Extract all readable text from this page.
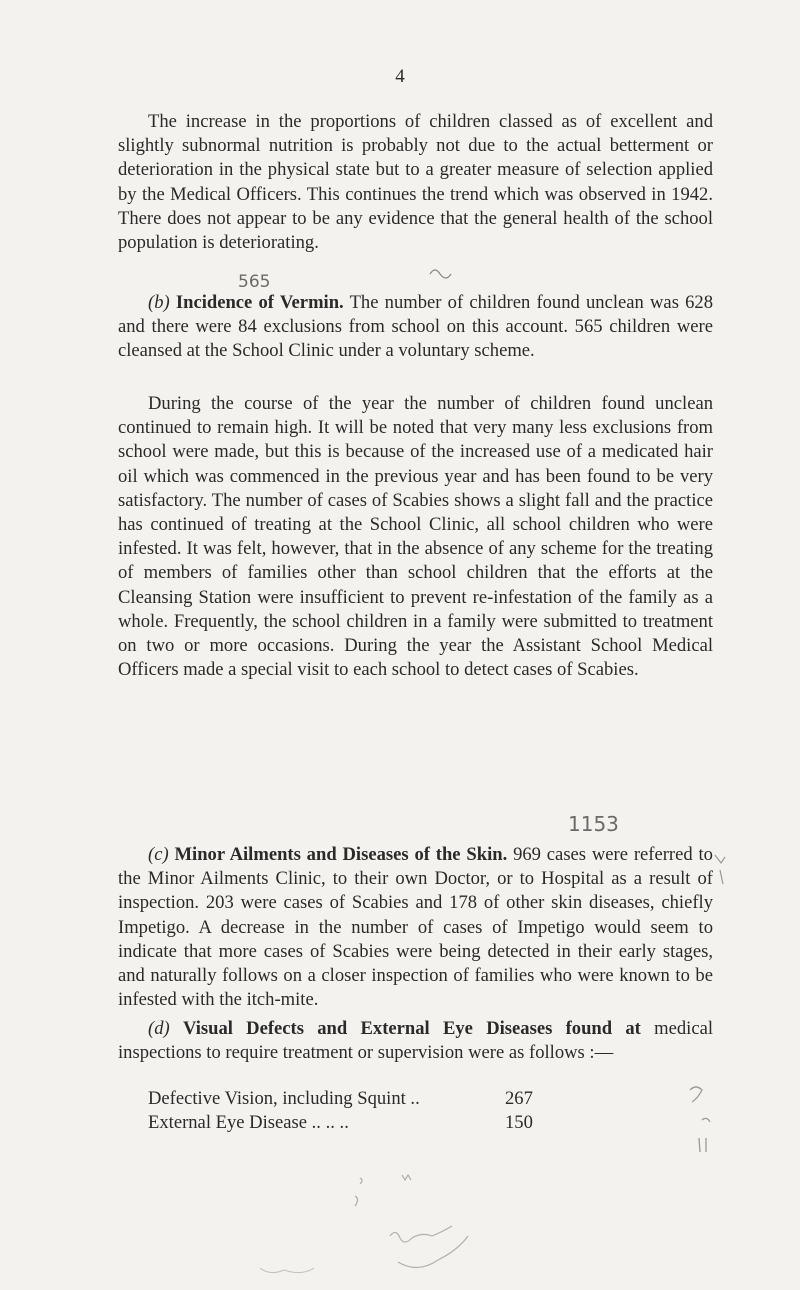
4

The increase in the proportions of children classed as of excellent and slightly subnormal nutrition is probably not due to the actual betterment or deterioration in the physical state but to a greater measure of selection applied by the Medical Officers. This continues the trend which was observed in 1942. There does not appear to be any evidence that the general health of the school population is deteriorating.

565

(b) Incidence of Vermin. The number of children found unclean was 628 and there were 84 exclusions from school on this account. 565 children were cleansed at the School Clinic under a voluntary scheme.

During the course of the year the number of children found unclean continued to remain high. It will be noted that very many less exclusions from school were made, but this is because of the increased use of a medicated hair oil which was commenced in the previous year and has been found to be very satisfactory. The number of cases of Scabies shows a slight fall and the practice has continued of treating at the School Clinic, all school children who were infested. It was felt, however, that in the absence of any scheme for the treating of members of families other than school children that the efforts at the Cleansing Station were insufficient to prevent re-infestation of the family as a whole. Frequently, the school children in a family were submitted to treatment on two or more occasions. During the year the Assistant School Medical Officers made a special visit to each school to detect cases of Scabies.

1153

(c) Minor Ailments and Diseases of the Skin. 969 cases were referred to the Minor Ailments Clinic, to their own Doctor, or to Hospital as a result of inspection. 203 were cases of Scabies and 178 of other skin diseases, chiefly Impetigo. A decrease in the number of cases of Impetigo would seem to indicate that more cases of Scabies were being detected in their early stages, and naturally follows on a closer inspection of families who were known to be infested with the itch-mite.

(d) Visual Defects and External Eye Diseases found at medical inspections to require treatment or supervision were as follows :—

Defective Vision, including Squint ..	267
External Eye Disease .. .. ..	150
